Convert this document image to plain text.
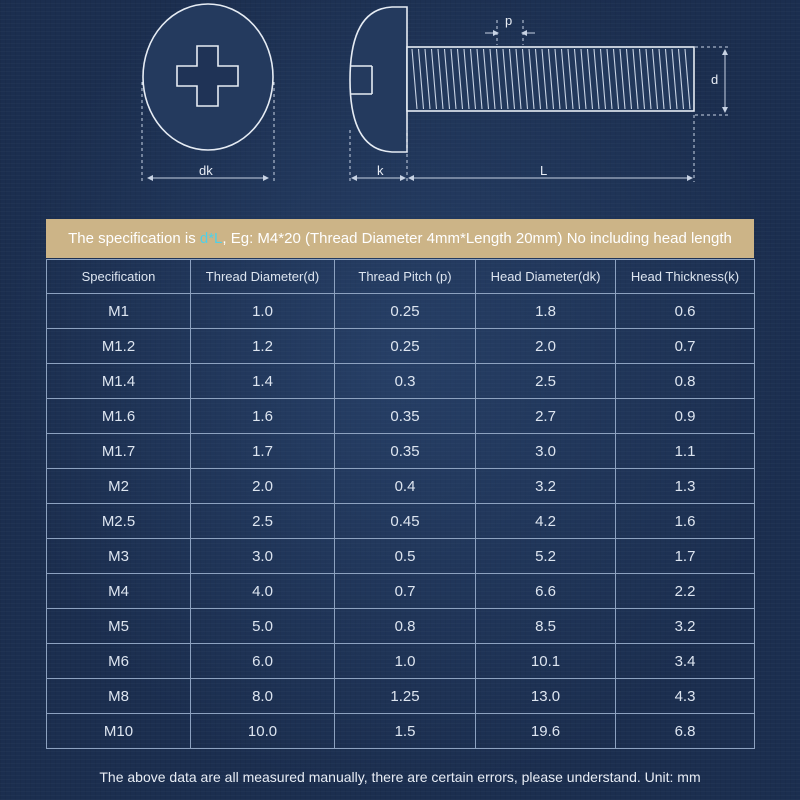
p
d
dk	k	L
The specification is d*L, Eg: M4*20 (Thread Diameter 4mm*Length 20mm) No including head length
Specification	Thread Diameter(d)	Thread Pitch (p)	Head Diameter(dk)	Head Thickness(k)
M1	1.0	0.25	1.8	0.6
M1.2	1.2	0.25	2.0	0.7
M1.4	1.4	0.3	2.5	0.8
M1.6	1.6	0.35	2.7	0.9
M1.7	1.7	0.35	3.0	1.1
M2	2.0	0.4	3.2	1.3
M2.5	2.5	0.45	4.2	1.6
M3	3.0	0.5	5.2	1.7
M4	4.0	0.7	6.6	2.2
M5	5.0	0.8	8.5	3.2
M6	6.0	1.0	10.1	3.4
M8	8.0	1.25	13.0	4.3
M10	10.0	1.5	19.6	6.8
The above data are all measured manually, there are certain errors, please understand. Unit: mm
